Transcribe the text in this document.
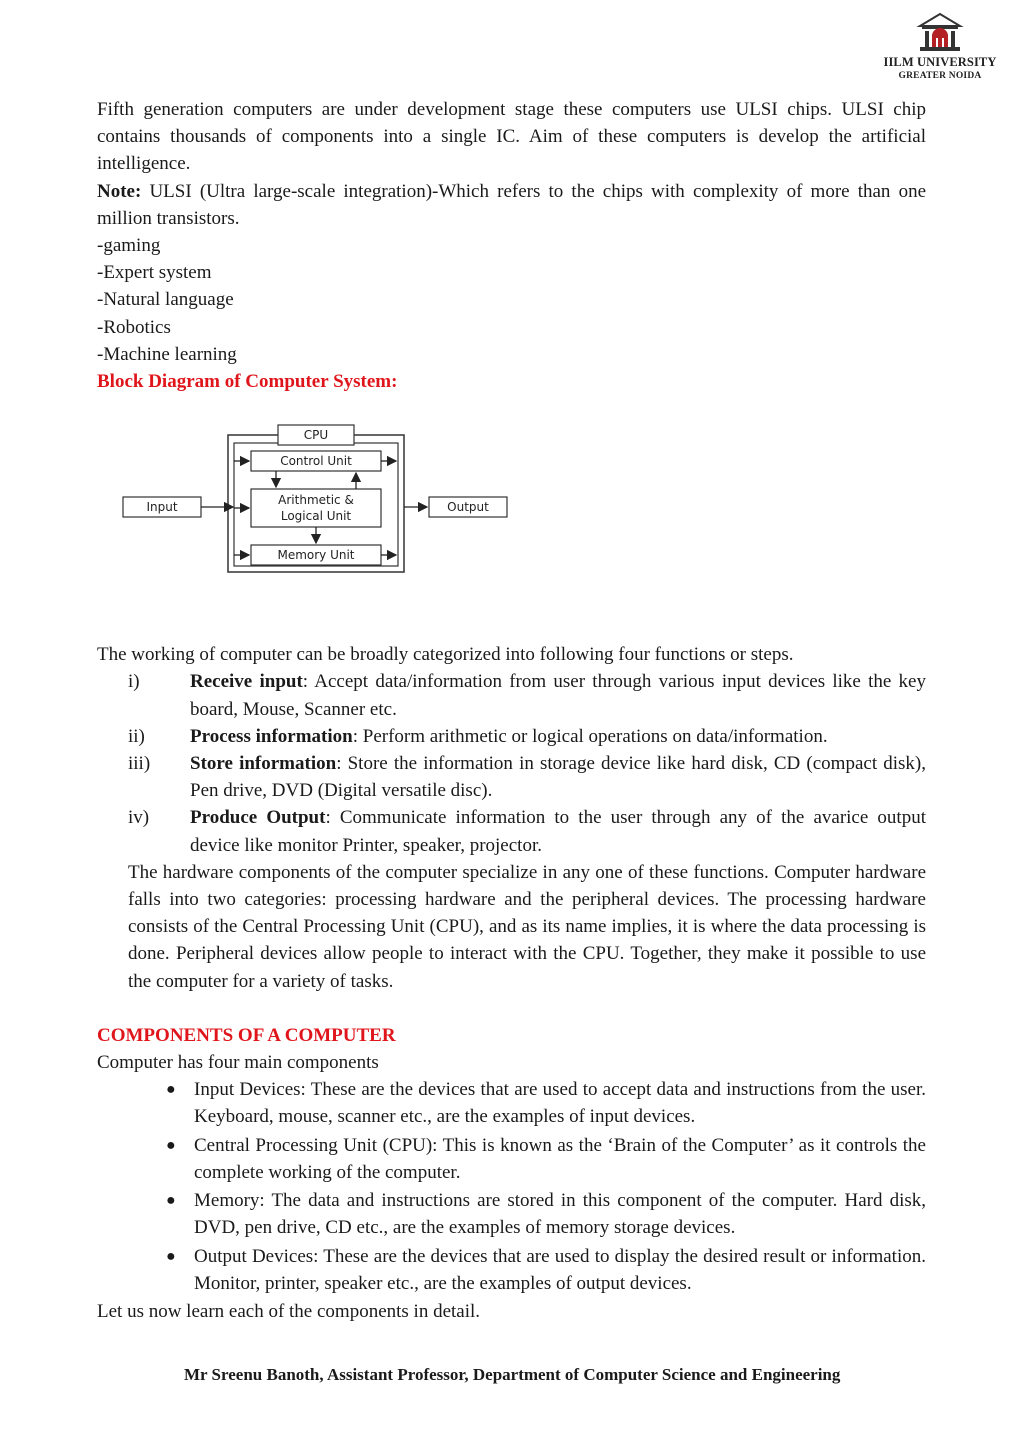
IILM UNIVERSITY
GREATER NOIDA

Fifth generation computers are under development stage these computers use ULSI chips. ULSI chip contains thousands of components into a single IC. Aim of these computers is develop the artificial intelligence.

Note: ULSI (Ultra large-scale integration)-Which refers to the chips with complexity of more than one million transistors.

-gaming

-Expert system

-Natural language

-Robotics

-Machine learning

Block Diagram of Computer System:

CPU
Control Unit
Arithmetic &
Logical Unit
Memory Unit
Input	Output

The working of computer can be broadly categorized into following four functions or steps.

i)	Receive input: Accept data/information from user through various input devices like the key board, Mouse, Scanner etc.
ii) Process information: Perform arithmetic or logical operations on data/information.
iii) Store information: Store the information in storage device like hard disk, CD (compact disk), Pen drive, DVD (Digital versatile disc).
iv) Produce Output: Communicate information to the user through any of the avarice output device like monitor Printer, speaker, projector.

The hardware components of the computer specialize in any one of these functions. Computer hardware falls into two categories: processing hardware and the peripheral devices. The processing hardware consists of the Central Processing Unit (CPU), and as its name implies, it is where the data processing is done. Peripheral devices allow people to interact with the CPU. Together, they make it possible to use the computer for a variety of tasks.

COMPONENTS OF A COMPUTER

Computer has four main components

● Input Devices: These are the devices that are used to accept data and instructions from the user. Keyboard, mouse, scanner etc., are the examples of input devices.
● Central Processing Unit (CPU): This is known as the ‘Brain of the Computer’ as it controls the complete working of the computer.
● Memory: The data and instructions are stored in this component of the computer. Hard disk, DVD, pen drive, CD etc., are the examples of memory storage devices.
● Output Devices: These are the devices that are used to display the desired result or information. Monitor, printer, speaker etc., are the examples of output devices.

Let us now learn each of the components in detail.

Mr Sreenu Banoth, Assistant Professor, Department of Computer Science and Engineering
